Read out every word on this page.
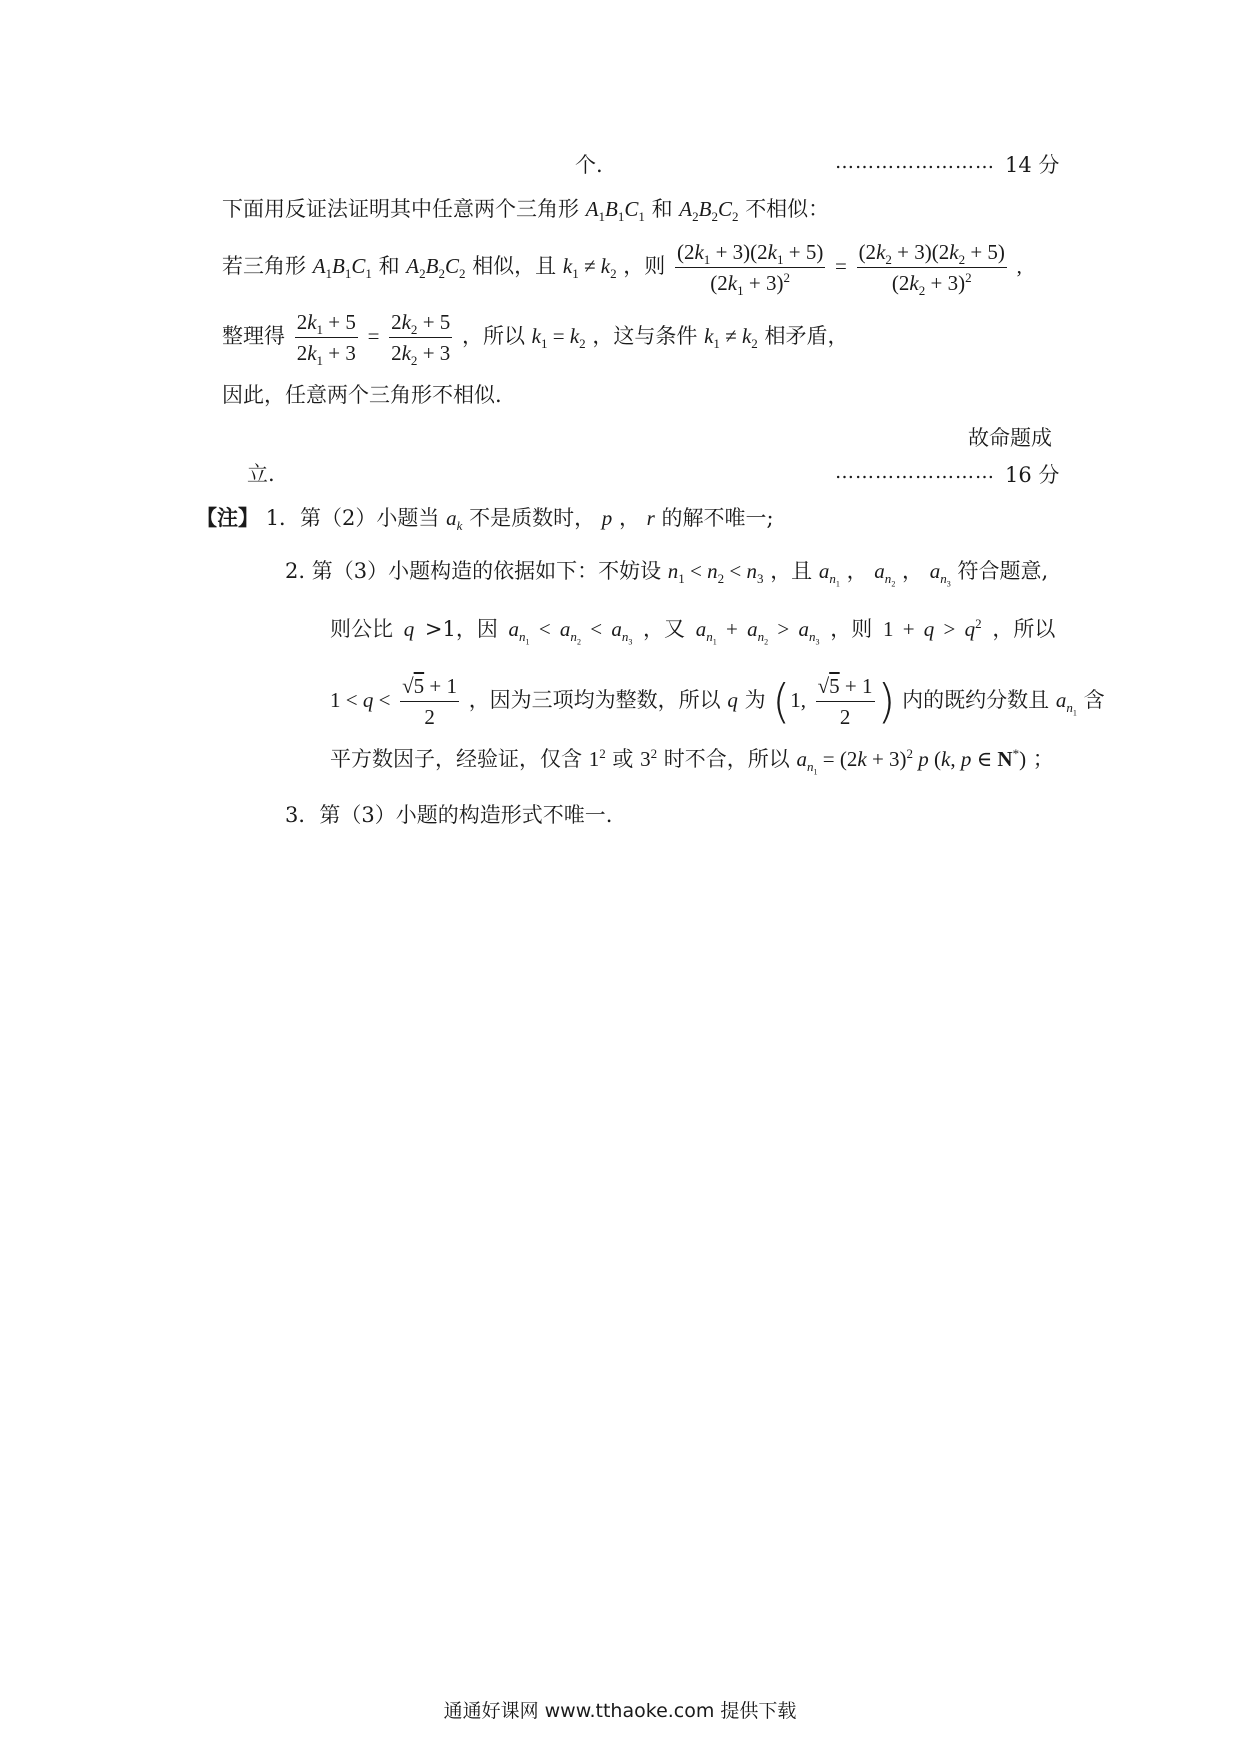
个.	…………………… 14 分
下面用反证法证明其中任意两个三角形 $A_1B_1C_1$ 和 $A_2B_2C_2$ 不相似：
若三角形 $A_1B_1C_1$ 和 $A_2B_2C_2$ 相似，且 $k_1 \ne k_2$ ，则 $\frac{(2k_1 + 3)(2k_1 + 5)}{(2k_1 + 3)^2} = \frac{(2k_2 + 3)(2k_2 + 5)}{(2k_2 + 3)^2}$ ,
整理得 $\frac{2k_1 + 5}{2k_1 + 3} = \frac{2k_2 + 5}{2k_2 + 3}$ ，所以 $k_1 = k_2$ ，这与条件 $k_1 \ne k_2$ 相矛盾，
因此，任意两个三角形不相似.
故命题成
立.	…………………… 16 分
【注】 1．第（2）小题当 $a_k$ 不是质数时， p ， r 的解不唯一;
2. 第（3）小题构造的依据如下：不妨设 $n_1 < n_2 < n_3$ ，且 $a_{n_1}$ ， $a_{n_2}$ ， $a_{n_3}$ 符合题意,
则公比 q >1，因 $a_{n_1} < a_{n_2} < a_{n_3}$ ，又 $a_{n_1} + a_{n_2} > a_{n_3}$ ，则 $1 + q > q^2$ ，所以
$1 < q < \frac{√5 + 1}{2}$ ，因为三项均为整数，所以 q 为 (1, $\frac{√5 + 1}{2}$ ) 内的既约分数且 $a_{n_1}$ 含
平方数因子，经验证，仅含 $1^2$ 或 $3^2$ 时不合，所以 $a_{n_1} = (2k + 3)^2$ p (k, p ∈ N*) ；
3．第（3）小题的构造形式不唯一.
通通好课网 www.tthaoke.com 提供下载
